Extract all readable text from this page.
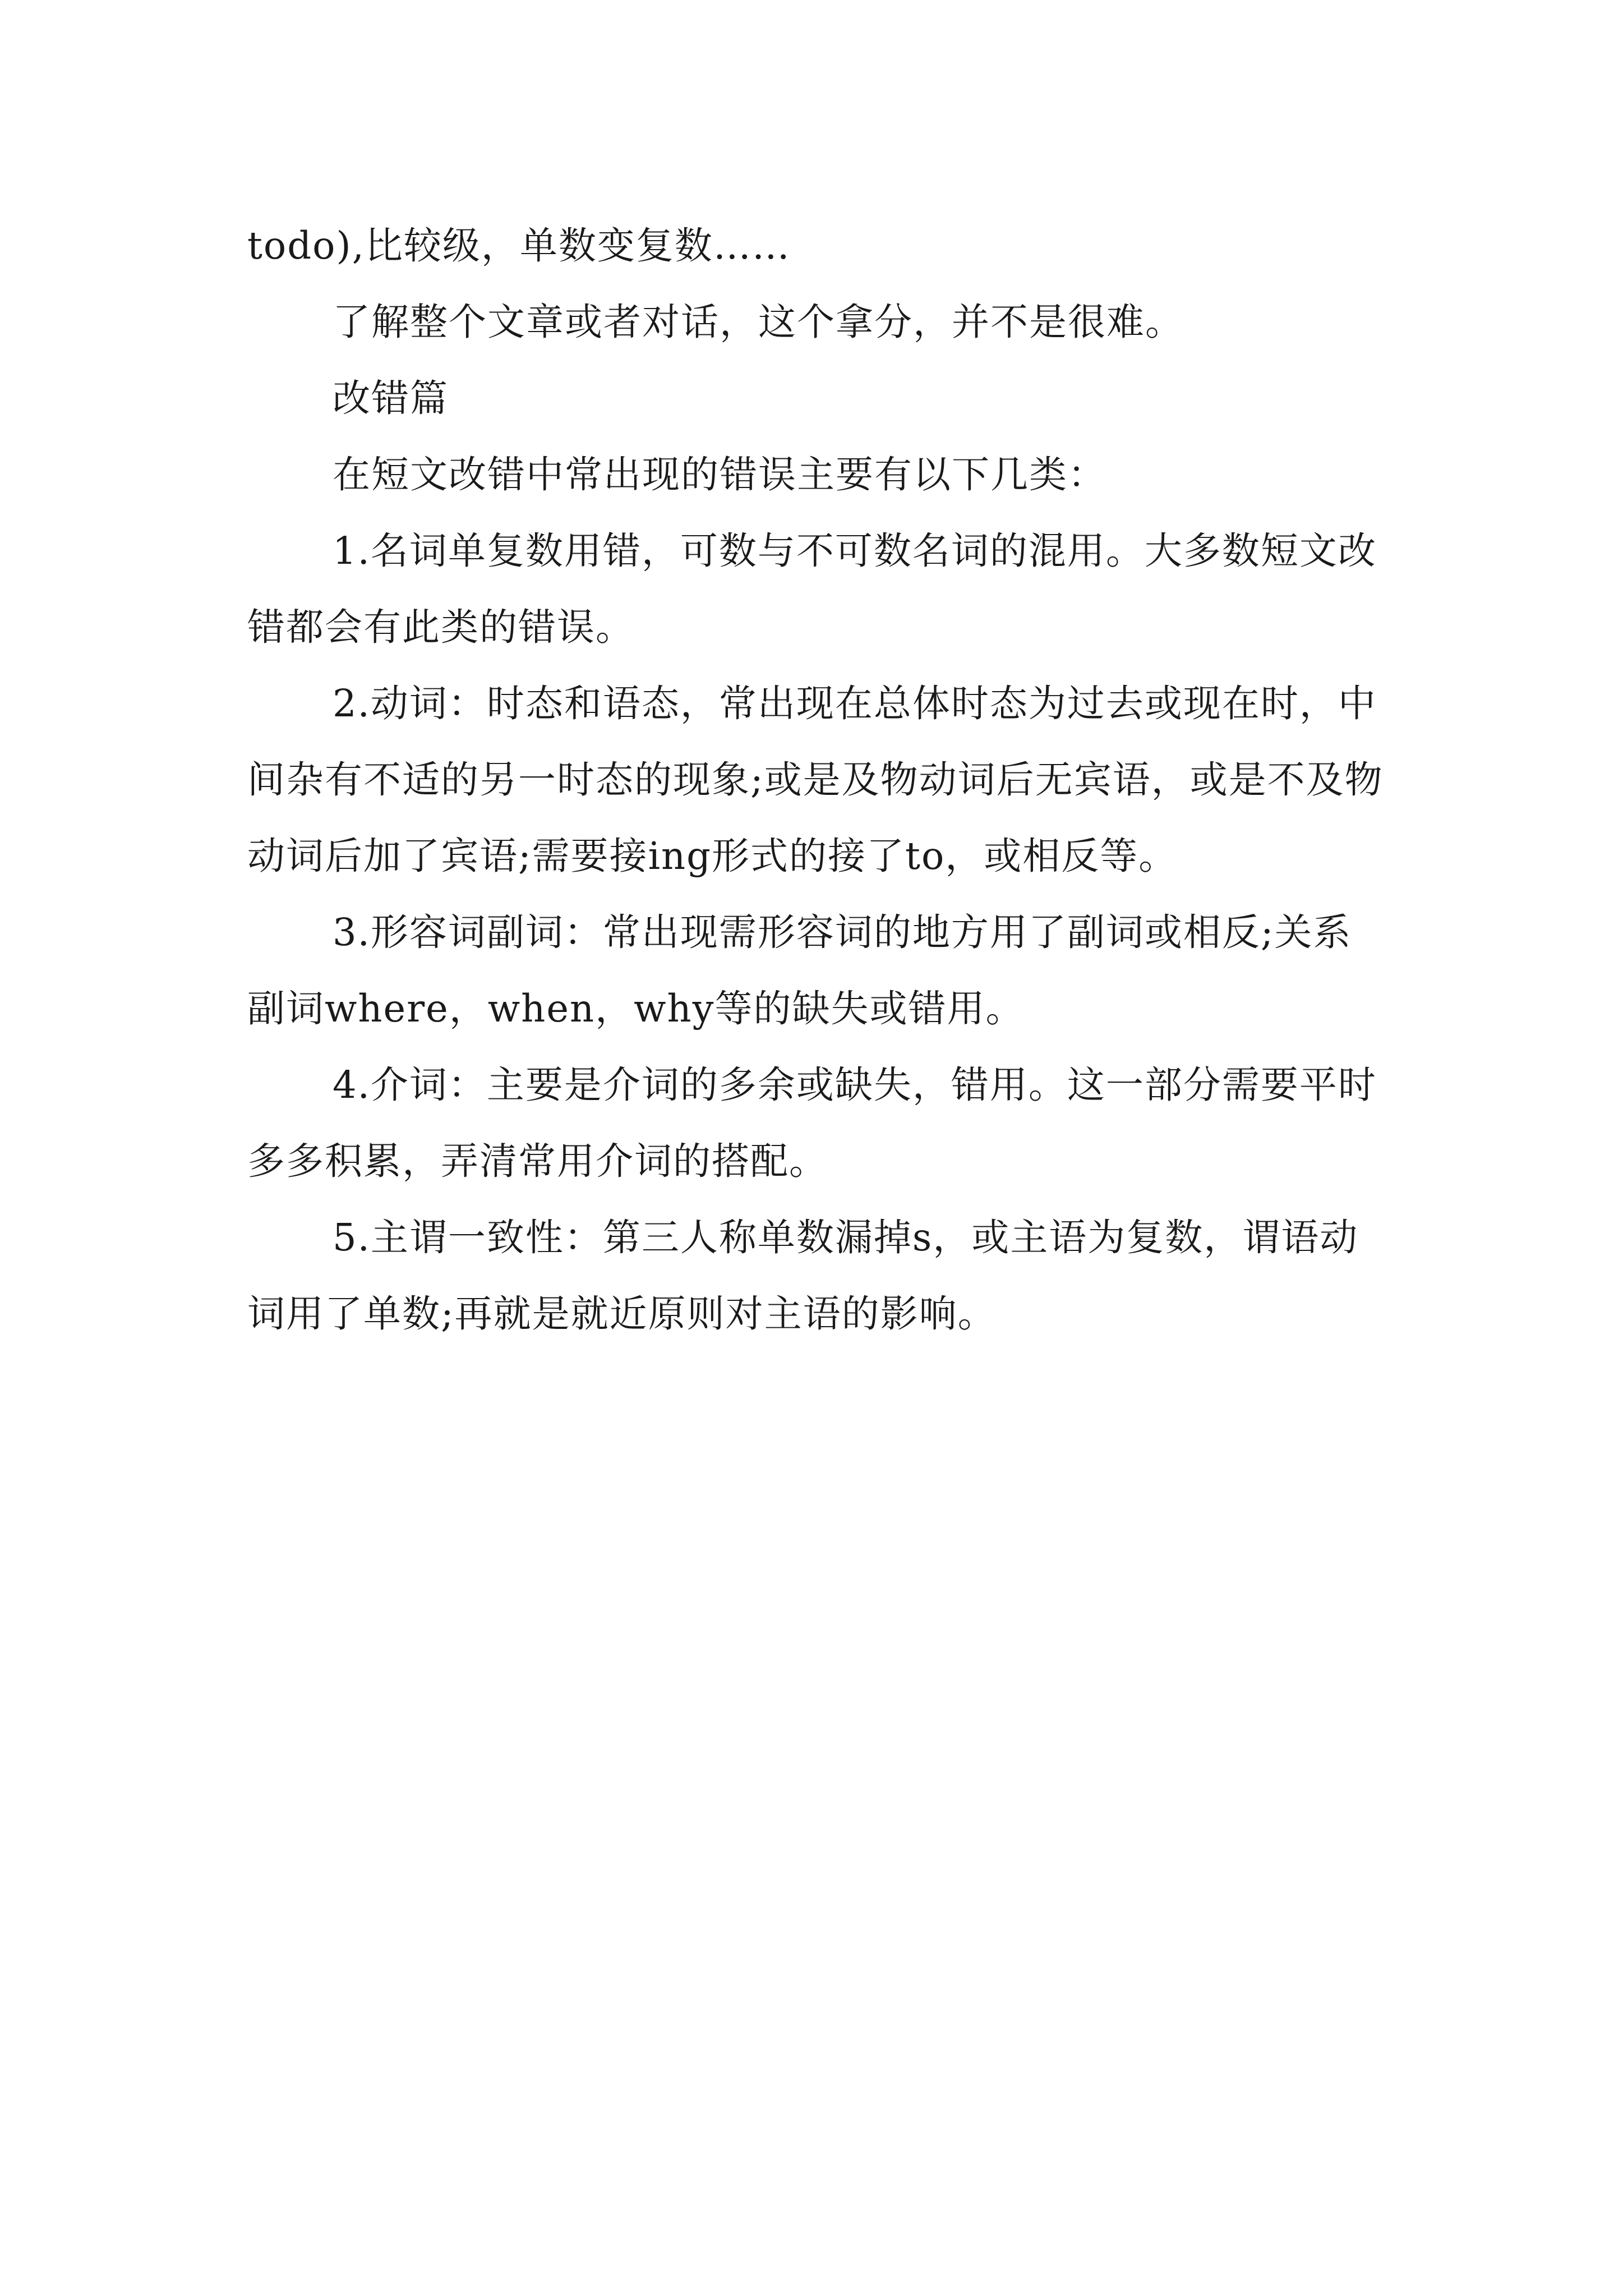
todo),比较级，单数变复数……

了解整个文章或者对话，这个拿分，并不是很难。

改错篇

在短文改错中常出现的错误主要有以下几类：

1.名词单复数用错，可数与不可数名词的混用。大多数短文改错都会有此类的错误。

2.动词：时态和语态，常出现在总体时态为过去或现在时，中间杂有不适的另一时态的现象;或是及物动词后无宾语，或是不及物动词后加了宾语;需要接ing形式的接了to，或相反等。

3.形容词副词：常出现需形容词的地方用了副词或相反;关系副词where，when，why等的缺失或错用。

4.介词：主要是介词的多余或缺失，错用。这一部分需要平时多多积累，弄清常用介词的搭配。

5.主谓一致性：第三人称单数漏掉s，或主语为复数，谓语动词用了单数;再就是就近原则对主语的影响。
